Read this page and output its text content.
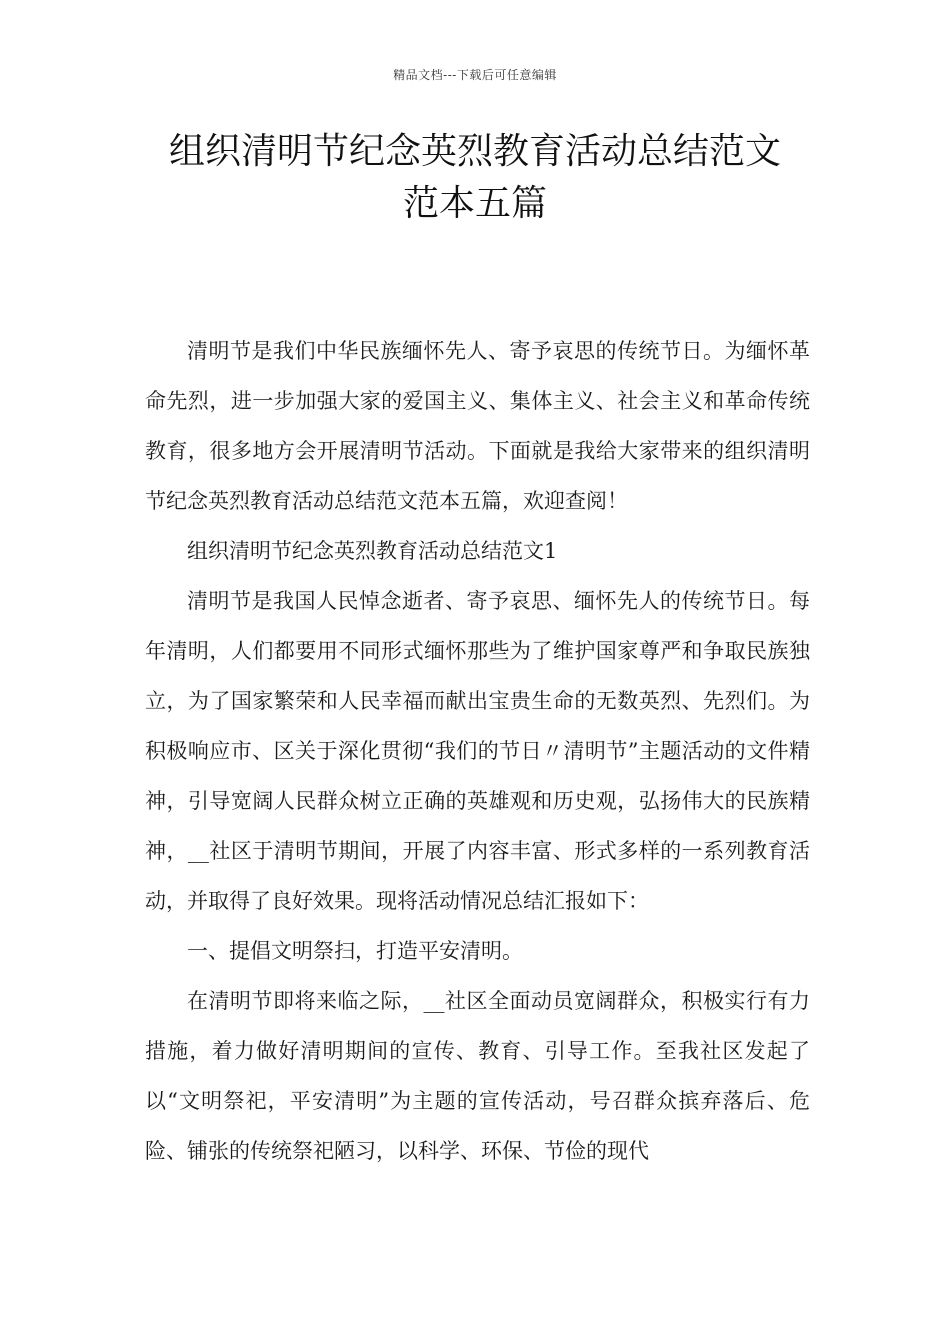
精品文档---下载后可任意编辑
组织清明节纪念英烈教育活动总结范文
范本五篇

清明节是我们中华民族缅怀先人、寄予哀思的传统节日。为缅怀革命先烈，进一步加强大家的爱国主义、集体主义、社会主义和革命传统教育，很多地方会开展清明节活动。下面就是我给大家带来的组织清明节纪念英烈教育活动总结范文范本五篇，欢迎查阅！

组织清明节纪念英烈教育活动总结范文1

清明节是我国人民悼念逝者、寄予哀思、缅怀先人的传统节日。每年清明，人们都要用不同形式缅怀那些为了维护国家尊严和争取民族独立，为了国家繁荣和人民幸福而献出宝贵生命的无数英烈、先烈们。为积极响应市、区关于深化贯彻“我们的节日〃清明节”主题活动的文件精神，引导宽阔人民群众树立正确的英雄观和历史观，弘扬伟大的民族精神，__社区于清明节期间，开展了内容丰富、形式多样的一系列教育活动，并取得了良好效果。现将活动情况总结汇报如下：

一、提倡文明祭扫，打造平安清明。

在清明节即将来临之际，__社区全面动员宽阔群众，积极实行有力措施，着力做好清明期间的宣传、教育、引导工作。至我社区发起了以“文明祭祀，平安清明”为主题的宣传活动，号召群众摈弃落后、危险、铺张的传统祭祀陋习，以科学、环保、节俭的现代
